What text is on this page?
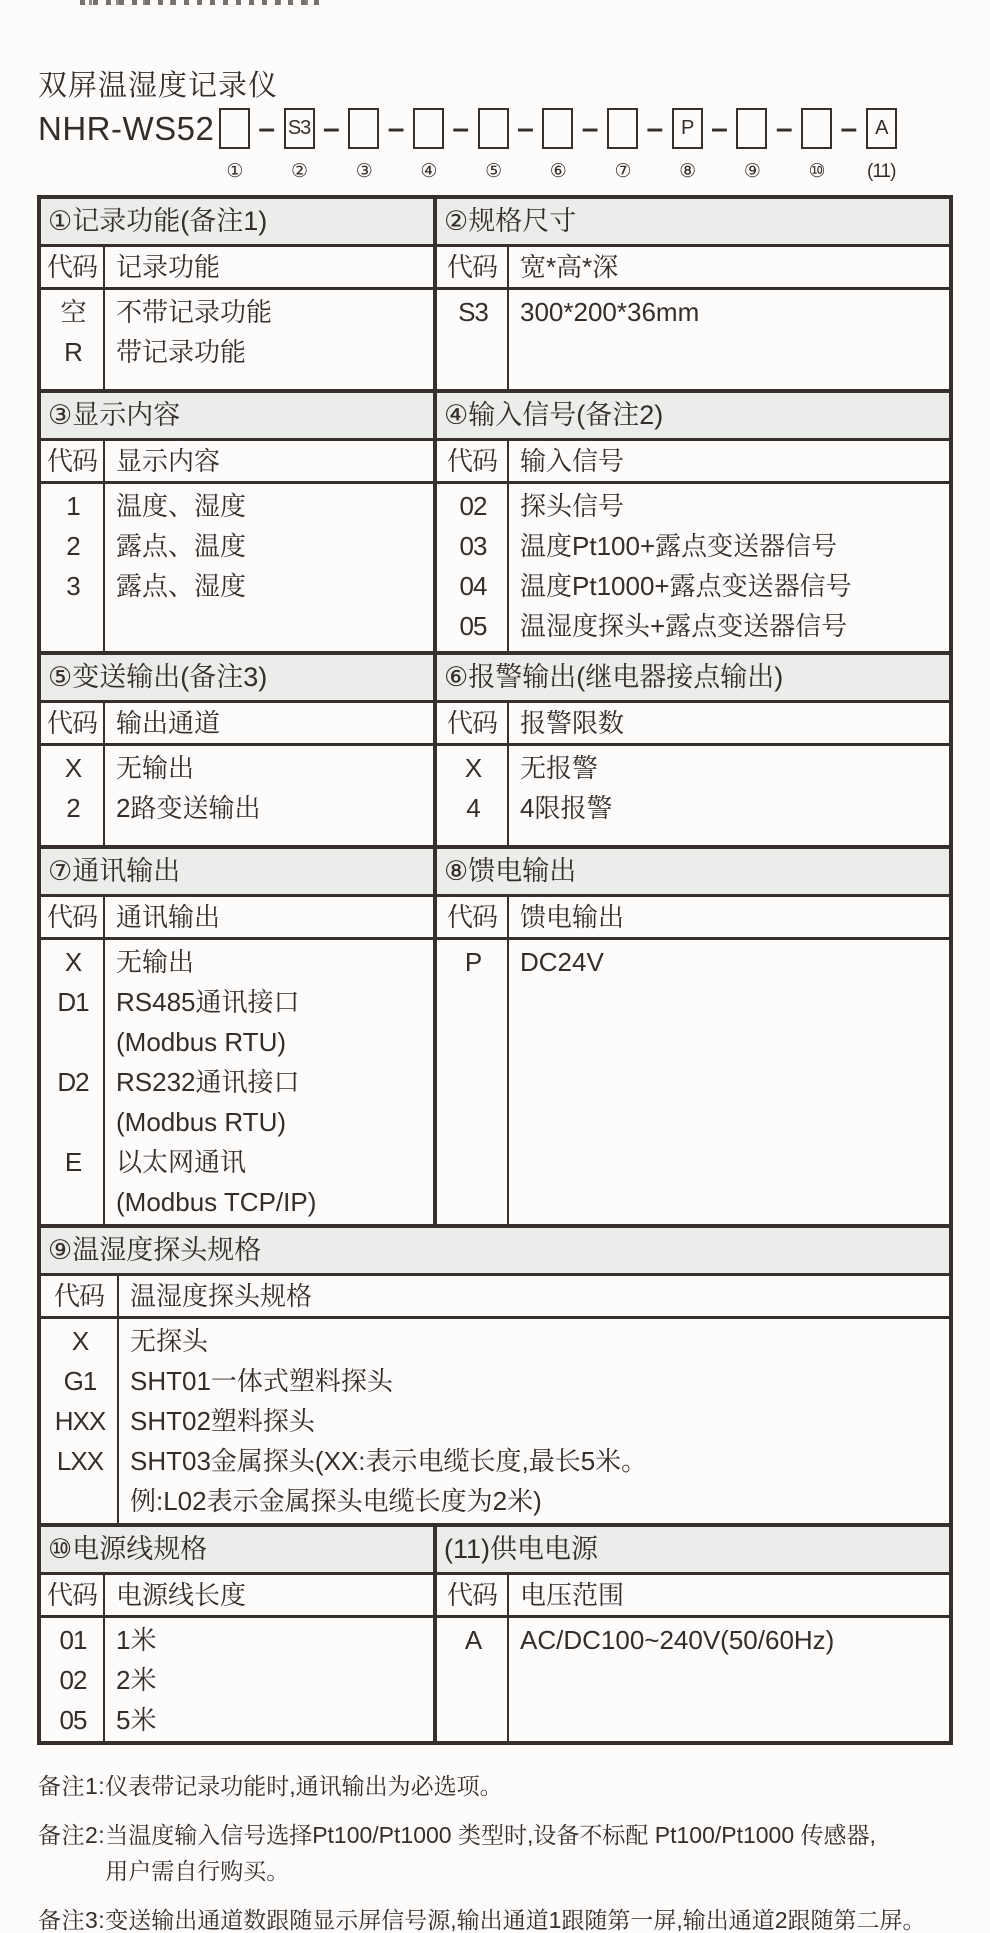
双屏温湿度记录仪
NHR-WS52
①
– S3
②
–
③
–
④
–
⑤
–
⑥
–
⑦
– P
⑧
–
⑨
–
⑩
– A
(11)
①记录功能(备注1)
代码 记录功能
空	不带记录功能
R	带记录功能
②规格尺寸
代码 宽*高*深
S3	300*200*36mm
③显示内容
代码 显示内容
1	温度、湿度
2	露点、温度
3	露点、湿度
④输入信号(备注2)
代码 输入信号
02	探头信号
03	温度Pt100+露点变送器信号
04	温度Pt1000+露点变送器信号
05	温湿度探头+露点变送器信号
⑤变送输出(备注3)
代码 输出通道
X	无输出
2	2路变送输出
⑥报警输出(继电器接点输出)
代码 报警限数
X	无报警
4	4限报警
⑦通讯输出
代码 通讯输出
X	无输出
D1	RS485通讯接口
(Modbus RTU)
D2	RS232通讯接口
(Modbus RTU)
E	以太网通讯
(Modbus TCP/IP)
⑧馈电输出
代码 馈电输出
P	DC24V
⑨温湿度探头规格
代码	温湿度探头规格
X	无探头
G1	SHT01一体式塑料探头
HXX SHT02塑料探头
LXX	SHT03金属探头(XX:表示电缆长度,最长5米。
例:L02表示金属探头电缆长度为2米)
⑩电源线规格
代码 电源线长度
01	1米
02	2米
05	5米
(11)供电电源
代码 电压范围
A	AC/DC100~240V(50/60Hz)
备注1: 仪表带记录功能时,通讯输出为必选项。
备注2: 当温度输入信号选择Pt100/Pt1000 类型时,设备不标配 Pt100/Pt1000 传感器,
用户需自行购买。
备注3: 变送输出通道数跟随显示屏信号源,输出通道1跟随第一屏,输出通道2跟随第二屏。
